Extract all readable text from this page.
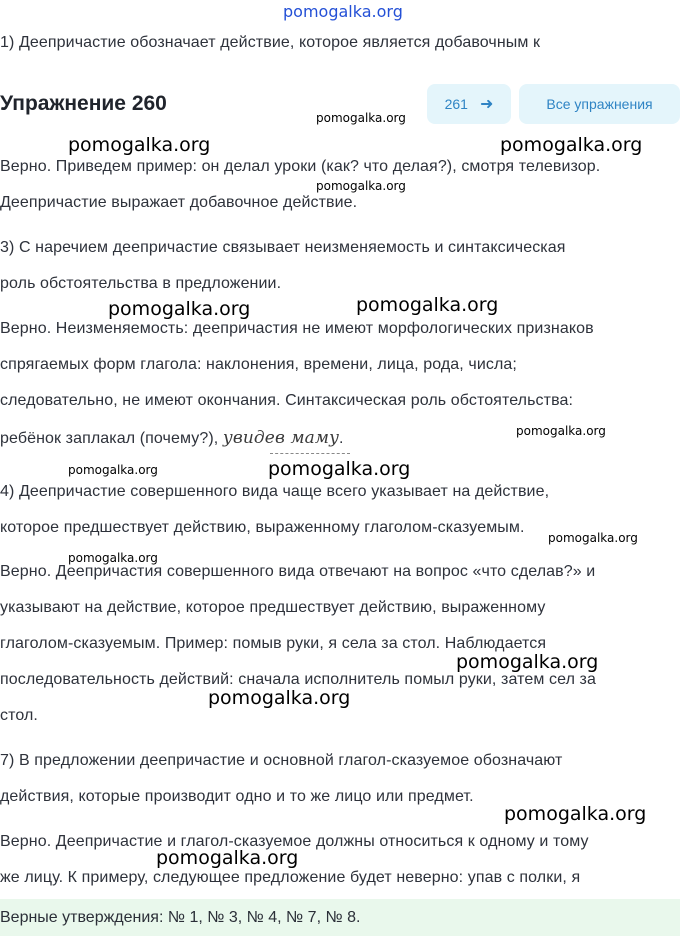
pomogalka.org
1) Деепричастие обозначает действие, которое является добавочным к
Упражнение 260	261 ➜	Все упражнения
Верно. Приведем пример: он делал уроки (как? что делая?), смотря телевизор.
Деепричастие выражает добавочное действие.
3) С наречием деепричастие связывает неизменяемость и синтаксическая
роль обстоятельства в предложении.
Верно. Неизменяемость: деепричастия не имеют морфологических признаков
спрягаемых форм глагола: наклонения, времени, лица, рода, числа;
следовательно, не имеют окончания. Синтаксическая роль обстоятельства:
ребёнок заплакал (почему?), увидев маму.
4) Деепричастие совершенного вида чаще всего указывает на действие,
которое предшествует действию, выраженному глаголом-сказуемым.
Верно. Деепричастия совершенного вида отвечают на вопрос «что сделав?» и
указывают на действие, которое предшествует действию, выраженному
глаголом-сказуемым. Пример: помыв руки, я села за стол. Наблюдается
последовательность действий: сначала исполнитель помыл руки, затем сел за
стол.
7) В предложении деепричастие и основной глагол-сказуемое обозначают
действия, которые производит одно и то же лицо или предмет.
Верно. Деепричастие и глагол-сказуемое должны относиться к одному и тому
же лицу. К примеру, следующее предложение будет неверно: упав с полки, я
Верные утверждения: № 1, № 3, № 4, № 7, № 8.
pomogalka.org
pomogalka.org	pomogalka.org
pomogalka.org
pomogalka.org	pomogalka.org
pomogalka.org
pomogalka.org	pomogalka.org
pomogalka.org
pomogalka.org
pomogalka.org
pomogalka.org
pomogalka.org
pomogalka.org
